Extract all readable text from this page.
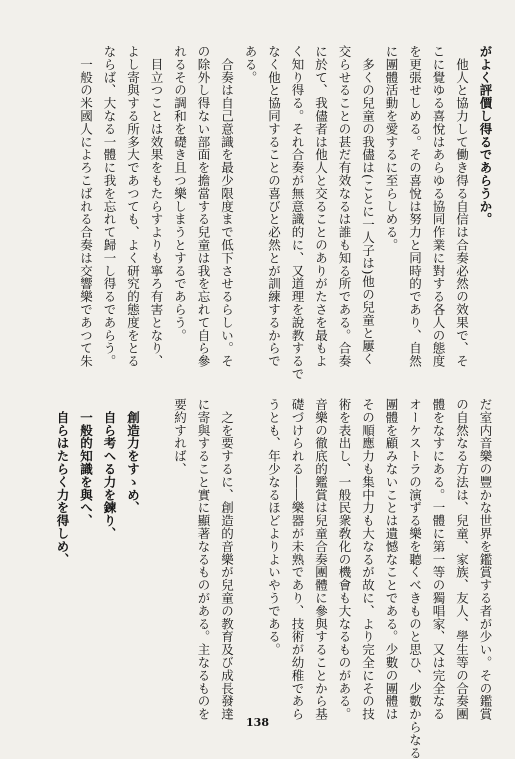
がよく評價し得るであらうか。

　他人と協力して働き得る自信は合奏必然の效果で、そ

こに覺ゆる喜悅はあらゆる協同作業に對する各人の態度

を更張せしめる。その喜悅は努力と同時的であり、自然

に團體活動を愛するに至らしめる。

　多くの兒童の我儘は(ことに一人子は)他の兒童と屢く

交らせることの甚だ有效なるは誰も知る所である。合奏

に於て、我儘者は他人と交ることのありがたさを最もよ

く知り得る。それ合奏が無意識的に、又道理を說教するで

なく他と協同することの喜びと必然とが訓練するからで

ある。

　合奏は自己意識を最少限度まで低下させるらしい。そ

の除外し得ない部面を擔當する兒童は我を忘れて自ら參

れるその調和を礎き且つ樂しまうとするであらう。

　目立つことは效果をもたらすよりも寧ろ有害となり、

よし寄與する所多大であつても、よく研究的態度をとる

ならば、大なる一體に我を忘れて歸一し得るであらう。

　一般の米國人によろこばれる合奏は交響樂であつて朱

だ室内音樂の豐かな世界を鑑賞する者が少い。その鑑賞

の自然なる方法は、兒童、家族、友人、學生等の合奏團

體をなすにある。一體に第一等の獨唱家、又は完全なる

オーケストラの演ずる樂を聽くべきものと思ひ、少數からなる

團體を顧みないことは遺憾なことである。少數の團體は

その順應力も集中力も大なるが故に、より完全にその技

術を表出し、一般民衆敎化の機會も大なるものがある。

音樂の徹底的鑑賞は兒童合奏團體に參與することから基

礎づけられる――樂器が未熟であり、技術が幼稚であら

うとも、年少なるほどよりよいやうである。

　之を要するに、創造的音樂が兒童の教育及び成長發達

に寄與すること實に顯著なるものがある。主なるものを

要約すれば、

　創造力をすゝめ、

　自ら考へる力を鍊り、

　一般的知識を與へ、

　自らはたらく力を得しめ、

138
